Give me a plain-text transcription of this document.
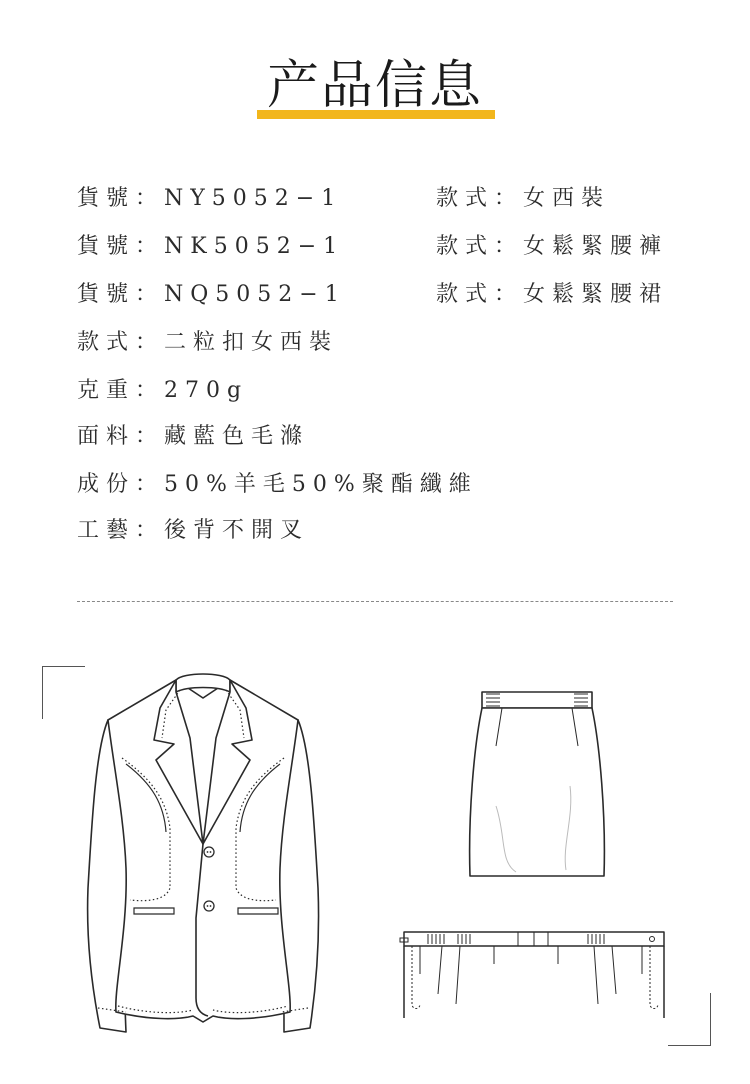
产品信息
貨號：NY5052−1
貨號：NK5052−1
貨號：NQ5052−1
款式：二粒扣女西裝
克重：270g
面料：藏藍色毛滌
成份：50%羊毛50%聚酯纖維
工藝：後背不開叉
款式：女西裝
款式：女鬆緊腰褲
款式：女鬆緊腰裙
